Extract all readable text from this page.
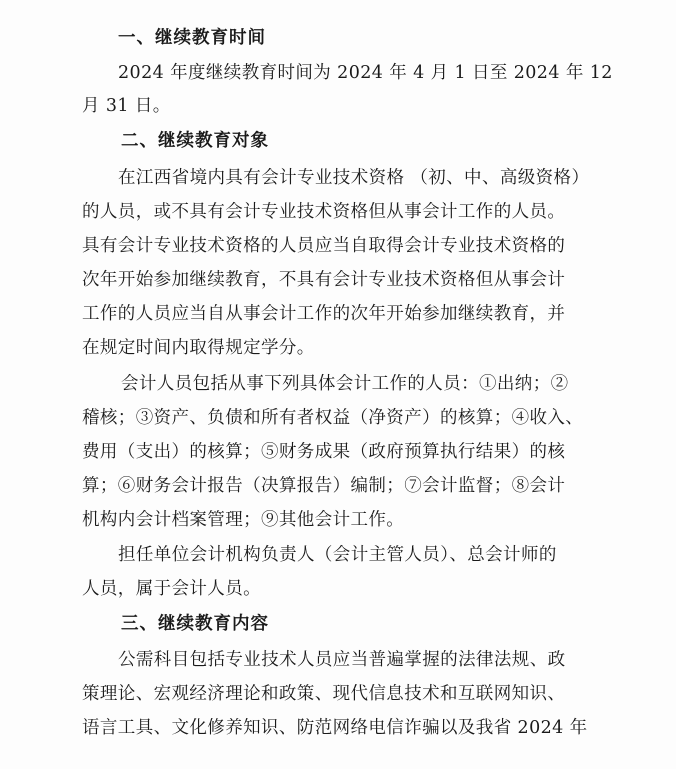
一、继续教育时间
2024 年度继续教育时间为 2024 年 4 月 1 日至 2024 年 12
月 31 日。
二、继续教育对象
在江西省境内具有会计专业技术资格 （初、中、高级资格）
的人员，或不具有会计专业技术资格但从事会计工作的人员。
具有会计专业技术资格的人员应当自取得会计专业技术资格的
次年开始参加继续教育，不具有会计专业技术资格但从事会计
工作的人员应当自从事会计工作的次年开始参加继续教育，并
在规定时间内取得规定学分。
会计人员包括从事下列具体会计工作的人员：①出纳；②
稽核；③资产、负债和所有者权益（净资产）的核算；④收入、
费用（支出）的核算；⑤财务成果（政府预算执行结果）的核
算；⑥财务会计报告（决算报告）编制；⑦会计监督；⑧会计
机构内会计档案管理；⑨其他会计工作。
担任单位会计机构负责人（会计主管人员）、总会计师的
人员，属于会计人员。
三、继续教育内容
公需科目包括专业技术人员应当普遍掌握的法律法规、政
策理论、宏观经济理论和政策、现代信息技术和互联网知识、
语言工具、文化修养知识、防范网络电信诈骗以及我省 2024 年
